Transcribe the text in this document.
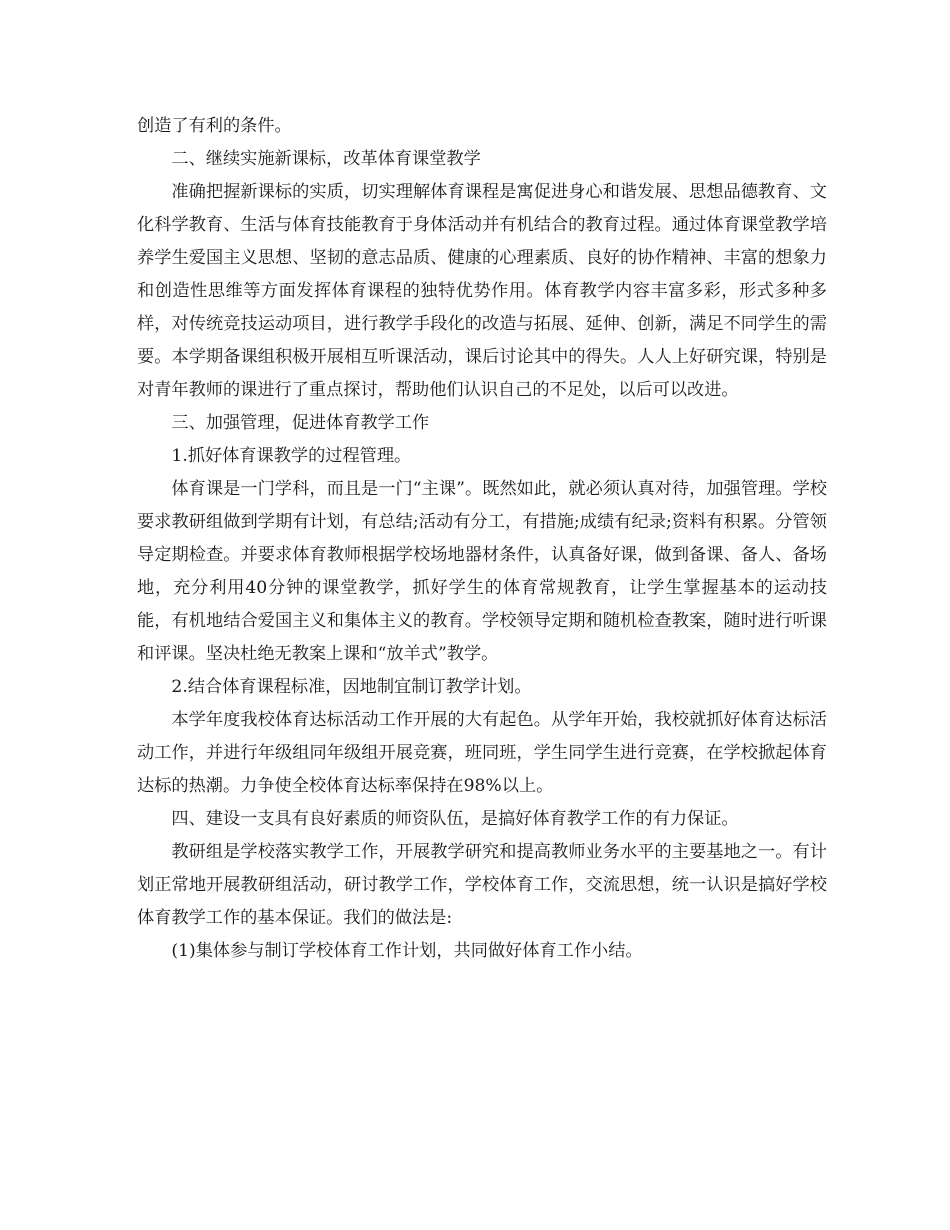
创造了有利的条件。

二、继续实施新课标，改革体育课堂教学

准确把握新课标的实质，切实理解体育课程是寓促进身心和谐发展、思想品德教育、文化科学教育、生活与体育技能教育于身体活动并有机结合的教育过程。通过体育课堂教学培养学生爱国主义思想、坚韧的意志品质、健康的心理素质、良好的协作精神、丰富的想象力和创造性思维等方面发挥体育课程的独特优势作用。体育教学内容丰富多彩，形式多种多样，对传统竞技运动项目，进行教学手段化的改造与拓展、延伸、创新，满足不同学生的需要。本学期备课组积极开展相互听课活动，课后讨论其中的得失。人人上好研究课，特别是对青年教师的课进行了重点探讨，帮助他们认识自己的不足处，以后可以改进。

三、加强管理，促进体育教学工作

1.抓好体育课教学的过程管理。

体育课是一门学科，而且是一门“主课”。既然如此，就必须认真对待，加强管理。学校要求教研组做到学期有计划，有总结;活动有分工，有措施;成绩有纪录;资料有积累。分管领导定期检查。并要求体育教师根据学校场地器材条件，认真备好课，做到备课、备人、备场地，充分利用40分钟的课堂教学，抓好学生的体育常规教育，让学生掌握基本的运动技能，有机地结合爱国主义和集体主义的教育。学校领导定期和随机检查教案，随时进行听课和评课。坚决杜绝无教案上课和“放羊式”教学。

2.结合体育课程标准，因地制宜制订教学计划。

本学年度我校体育达标活动工作开展的大有起色。从学年开始，我校就抓好体育达标活动工作，并进行年级组同年级组开展竞赛，班同班，学生同学生进行竞赛，在学校掀起体育达标的热潮。力争使全校体育达标率保持在98%以上。

四、建设一支具有良好素质的师资队伍，是搞好体育教学工作的有力保证。

教研组是学校落实教学工作，开展教学研究和提高教师业务水平的主要基地之一。有计划正常地开展教研组活动，研讨教学工作，学校体育工作，交流思想，统一认识是搞好学校体育教学工作的基本保证。我们的做法是:

(1)集体参与制订学校体育工作计划，共同做好体育工作小结。
